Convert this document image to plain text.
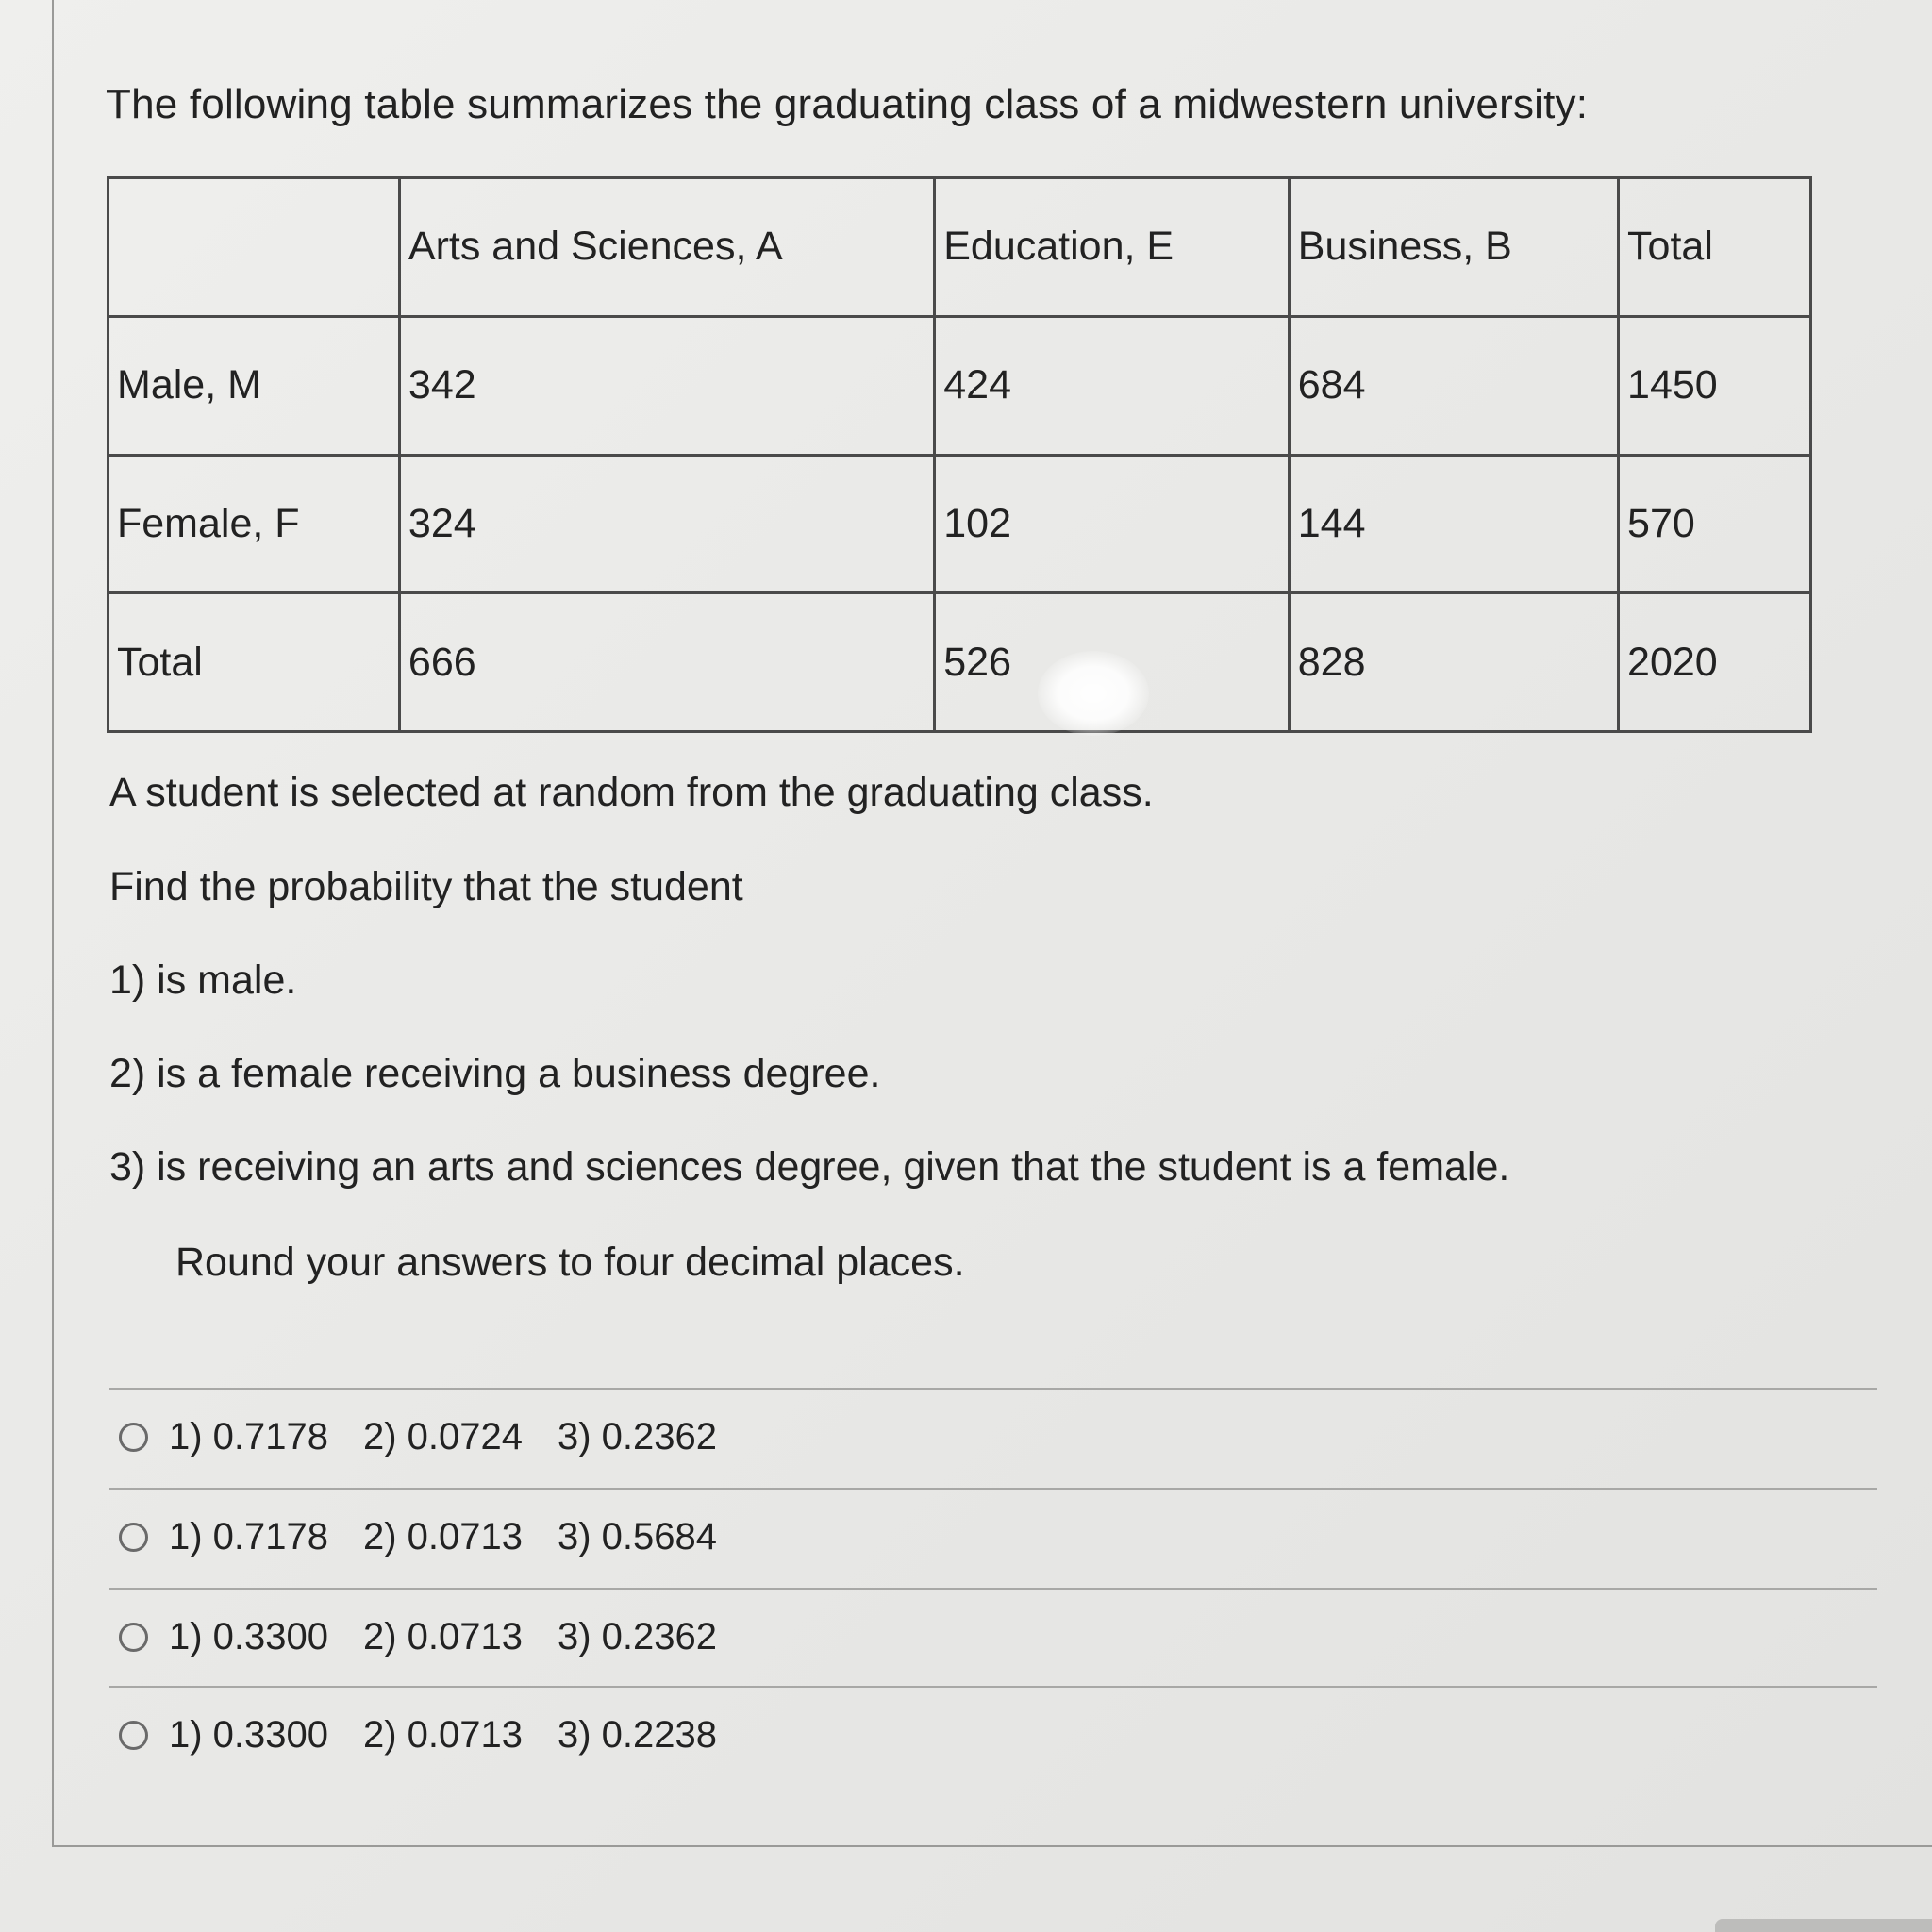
The following table summarizes the graduating class of a midwestern university:
	Arts and Sciences, A	Education, E	Business, B	Total
Male, M	342	424	684	1450
Female, F	324	102	144	570
Total	666	526	828	2020
A student is selected at random from the graduating class.
Find the probability that the student
1) is male.
2) is a female receiving a business degree.
3) is receiving an arts and sciences degree, given that the student is a female.
Round your answers to four decimal places.
1) 0.7178 2) 0.0724 3) 0.2362
1) 0.7178 2) 0.0713 3) 0.5684
1) 0.3300 2) 0.0713 3) 0.2362
1) 0.3300 2) 0.0713 3) 0.2238
